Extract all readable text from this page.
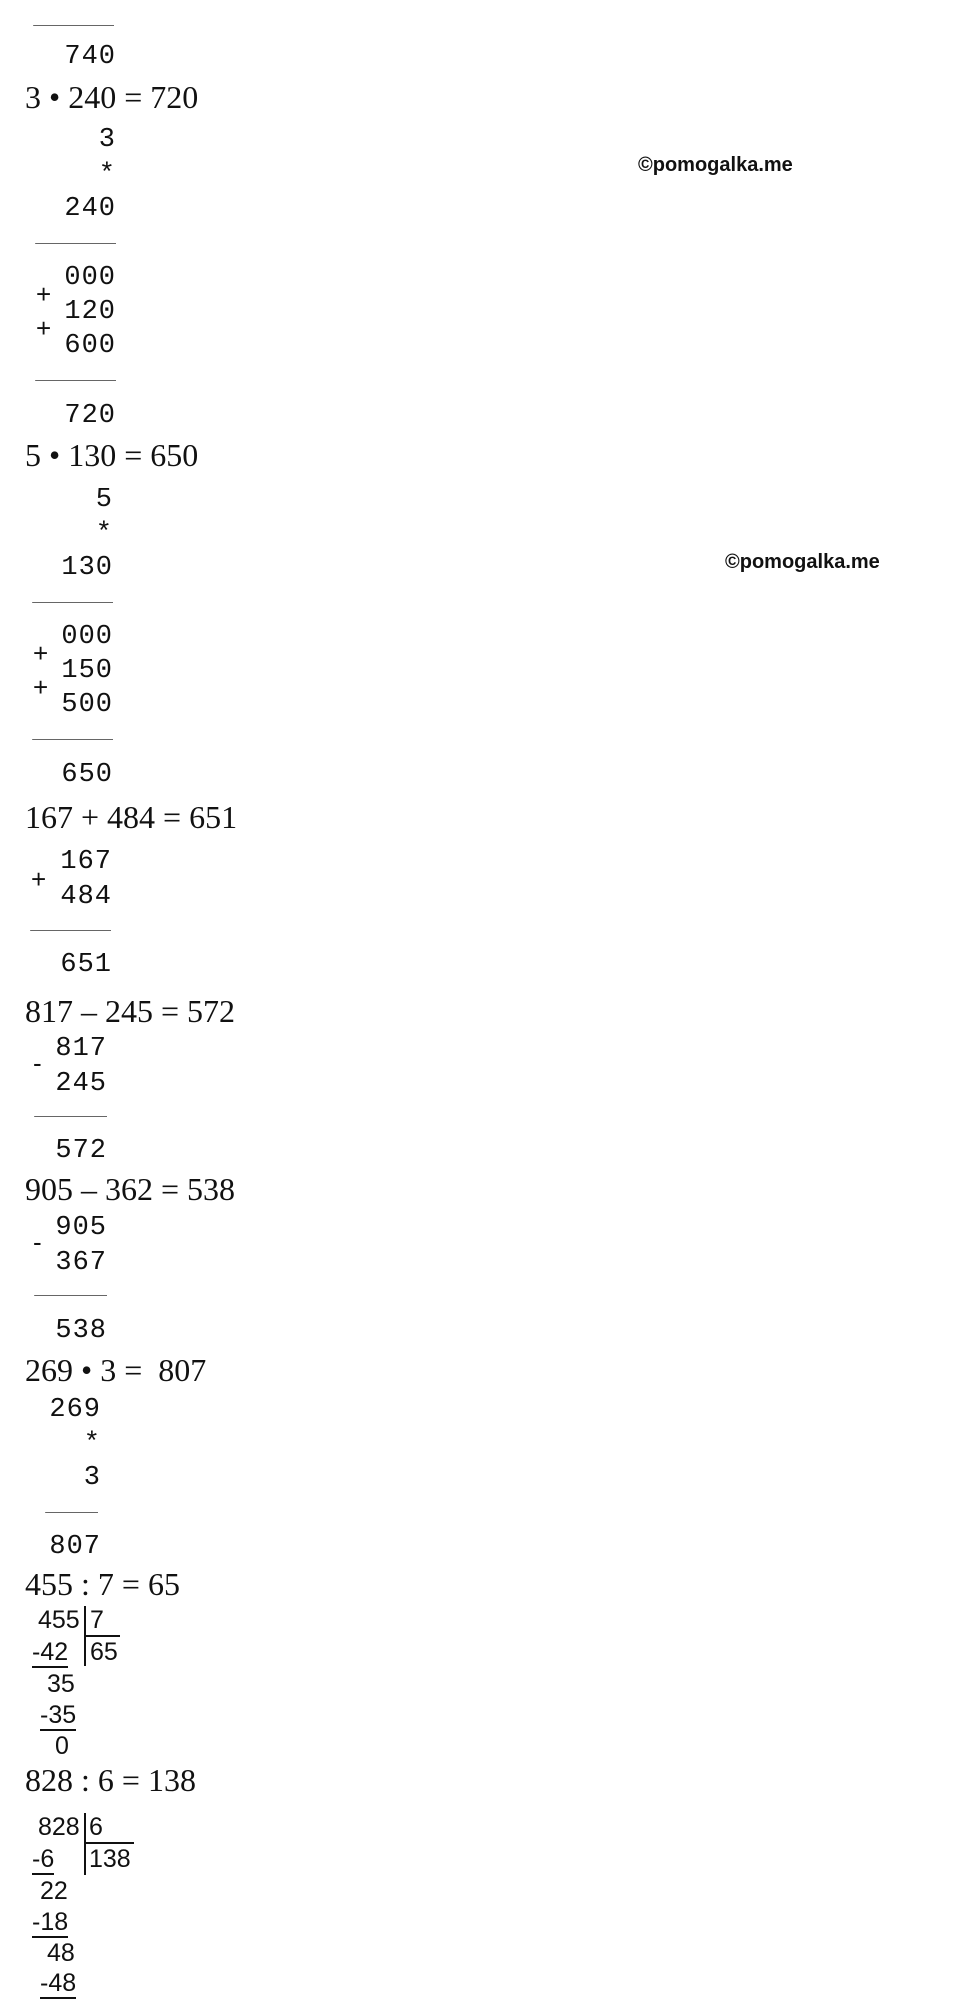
©pomogalka.me
©pomogalka.me
740
3 • 240 = 720
3
*
240
000
+
120
+
600
720
5 • 130 = 650
5
*
130
000
+
150
+
500
650
167 + 484 = 651
+
167
484
651
817 – 245 = 572
- 817
245
572
905 – 362 = 538
- 905
367
538
269 • 3 =  807
269
*
3
807
455 : 7 = 65
455 7
65
-42
35
-35
0
828 : 6 = 138
828 6
138
-6
22
-18
48
-48
